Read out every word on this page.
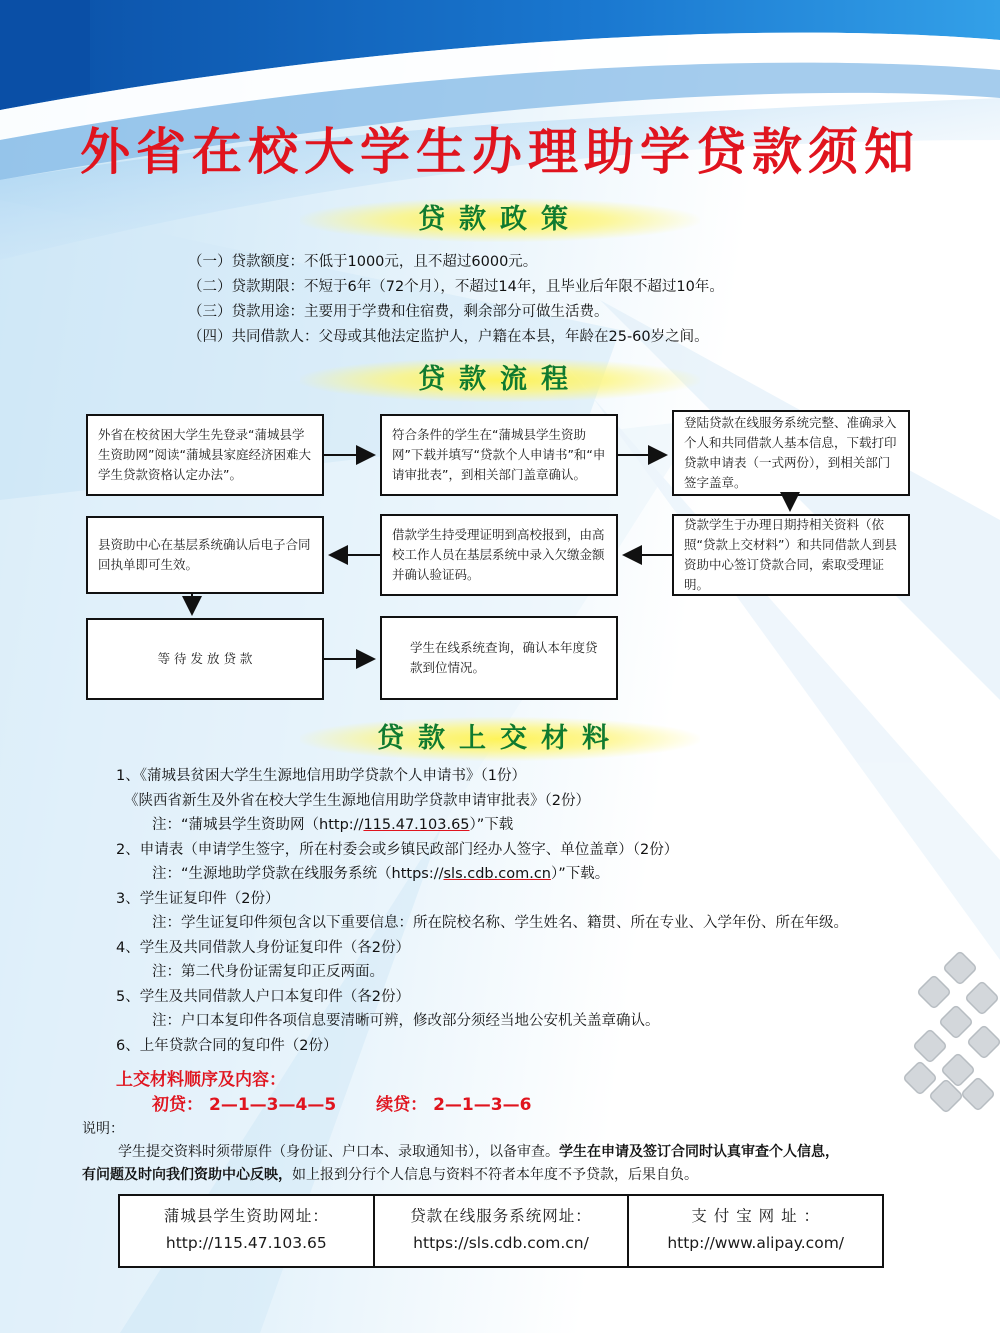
外省在校大学生办理助学贷款须知
贷款政策
（一）贷款额度：不低于1000元，且不超过6000元。
（二）贷款期限：不短于6年（72个月），不超过14年，且毕业后年限不超过10年。
（三）贷款用途：主要用于学费和住宿费，剩余部分可做生活费。
（四）共同借款人：父母或其他法定监护人，户籍在本县，年龄在25-60岁之间。
贷款流程
外省在校贫困大学生先登录“蒲城县学生资助网”阅读“蒲城县家庭经济困难大学生贷款资格认定办法”。
符合条件的学生在“蒲城县学生资助网”下载并填写“贷款个人申请书”和“申请审批表”，到相关部门盖章确认。
登陆贷款在线服务系统完整、准确录入个人和共同借款人基本信息，下载打印贷款申请表（一式两份），到相关部门签字盖章。
贷款学生于办理日期持相关资料（依照“贷款上交材料”）和共同借款人到县资助中心签订贷款合同，索取受理证明。
借款学生持受理证明到高校报到，由高校工作人员在基层系统中录入欠缴金额并确认验证码。
县资助中心在基层系统确认后电子合同回执单即可生效。
等 待 发 放 贷 款
学生在线系统查询，确认本年度贷款到位情况。
贷款上交材料

1、《蒲城县贫困大学生生源地信用助学贷款个人申请书》（1份）

《陕西省新生及外省在校大学生生源地信用助学贷款申请审批表》（2份）

注：“蒲城县学生资助网（http://115.47.103.65）”下载

2、申请表（申请学生签字，所在村委会或乡镇民政部门经办人签字、单位盖章）（2份）

注：“生源地助学贷款在线服务系统（https://sls.cdb.com.cn）”下载。

3、学生证复印件（2份）

注：学生证复印件须包含以下重要信息：所在院校名称、学生姓名、籍贯、所在专业、入学年份、所在年级。

4、学生及共同借款人身份证复印件（各2份）

注：第二代身份证需复印正反两面。

5、学生及共同借款人户口本复印件（各2份）

注：户口本复印件各项信息要清晰可辨，修改部分须经当地公安机关盖章确认。

6、上年贷款合同的复印件（2份）

上交材料顺序及内容：
初贷： 2—1—3—4—5 续贷： 2—1—3—6

说明：

学生提交资料时须带原件（身份证、户口本、录取通知书），以备审查。学生在申请及签订合同时认真审查个人信息，

有问题及时向我们资助中心反映，如上报到分行个人信息与资料不符者本年度不予贷款，后果自负。

蒲城县学生资助网址：
http://115.47.103.65
贷款在线服务系统网址：
https://sls.cdb.com.cn/
支 付 宝 网 址 ：
http://www.alipay.com/
